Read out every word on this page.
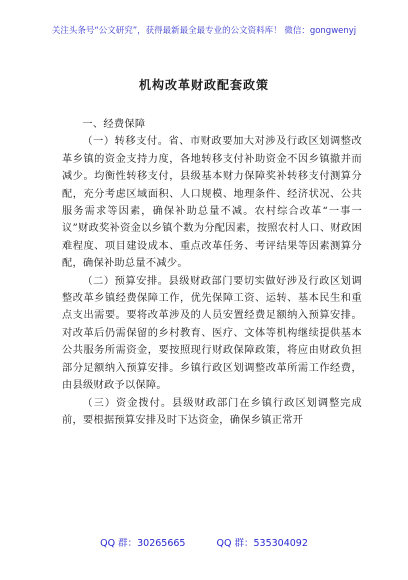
关注头条号“公文研究”，获得最新最全最专业的公文资料库！ 微信：gongwenyj
机构改革财政配套政策

一、经费保障

（一）转移支付。省、市财政要加大对涉及行政区划调整改革乡镇的资金支持力度，各地转移支付补助资金不因乡镇撤并而减少。均衡性转移支付，县级基本财力保障奖补转移支付测算分配，充分考虑区域面积、人口规模、地理条件、经济状况、公共服务需求等因素，确保补助总量不减。农村综合改革“一事一议”财政奖补资金以乡镇个数为分配因素，按照农村人口、财政困难程度、项目建设成本、重点改革任务、考评结果等因素测算分配，确保补助总量不减少。

（二）预算安排。县级财政部门要切实做好涉及行政区划调整改革乡镇经费保障工作，优先保障工资、运转、基本民生和重点支出需要。要将改革涉及的人员安置经费足额纳入预算安排。对改革后仍需保留的乡村教育、医疗、文体等机构继续提供基本公共服务所需资金，要按照现行财政保障政策，将应由财政负担部分足额纳入预算安排。乡镇行政区划调整改革所需工作经费，由县级财政予以保障。

（三）资金拨付。县级财政部门在乡镇行政区划调整完成前，要根据预算安排及时下达资金，确保乡镇正常开

QQ 群：30265665	QQ 群：535304092
